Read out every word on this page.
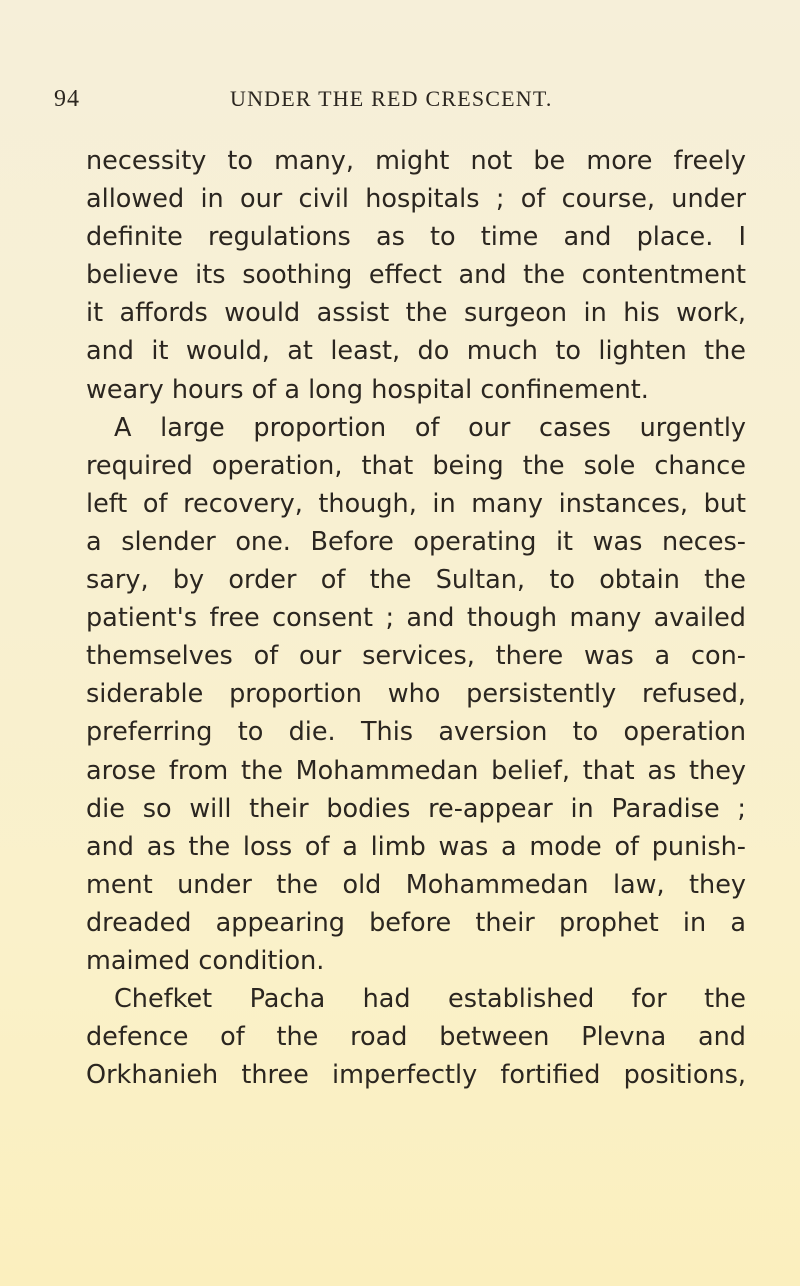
94	UNDER THE RED CRESCENT.
necessity to many, might not be more freely
allowed in our civil hospitals ; of course, under
definite regulations as to time and place. I
believe its soothing effect and the contentment
it affords would assist the surgeon in his work,
and it would, at least, do much to lighten the
weary hours of a long hospital confinement.
A large proportion of our cases urgently
required operation, that being the sole chance
left of recovery, though, in many instances, but
a slender one. Before operating it was neces-
sary, by order of the Sultan, to obtain the
patient's free consent ; and though many availed
themselves of our services, there was a con-
siderable proportion who persistently refused,
preferring to die. This aversion to operation
arose from the Mohammedan belief, that as they
die so will their bodies re-appear in Paradise ;
and as the loss of a limb was a mode of punish-
ment under the old Mohammedan law, they
dreaded appearing before their prophet in a
maimed condition.
Chefket Pacha had established for the
defence of the road between Plevna and
Orkhanieh three imperfectly fortified positions,
